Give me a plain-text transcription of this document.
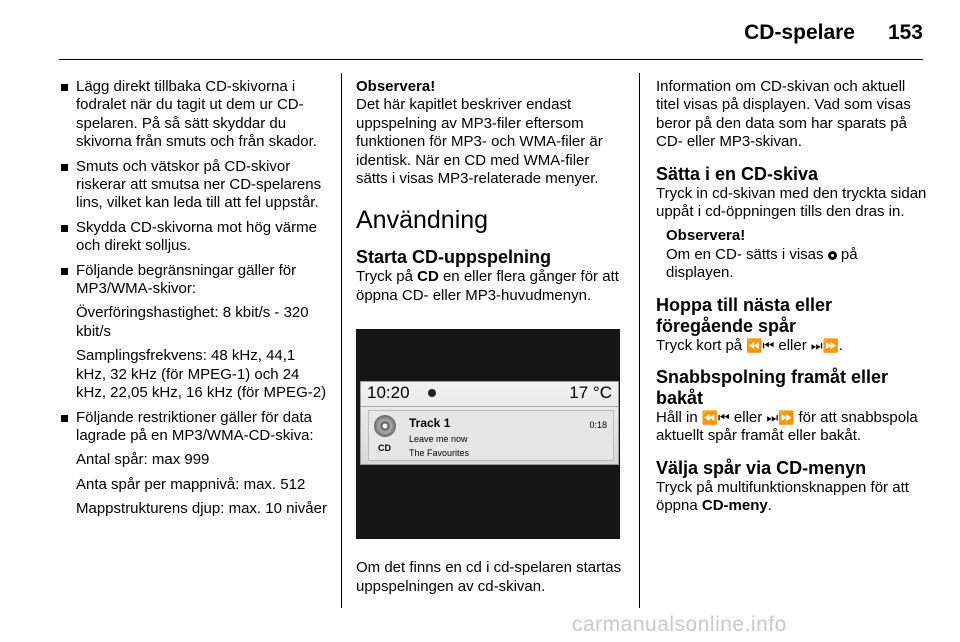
CD-spelare 153
Lägg direkt tillbaka CD-skivorna i fodralet när du tagit ut dem ur CD-spelaren. På så sätt skyddar du skivorna från smuts och från skador.
Smuts och vätskor på CD-skivor riskerar att smutsa ner CD-spelarens lins, vilket kan leda till att fel uppstår.
Skydda CD-skivorna mot hög värme och direkt solljus.
Följande begränsningar gäller för MP3/WMA-skivor:

Överföringshastighet: 8 kbit/s - 320 kbit/s

Samplingsfrekvens: 48 kHz, 44,1 kHz, 32 kHz (för MPEG-1) och 24 kHz, 22,05 kHz, 16 kHz (för MPEG-2)

Följande restriktioner gäller för data lagrade på en MP3/WMA-CD-skiva:

Antal spår: max 999

Anta spår per mappnivå: max. 512

Mappstrukturens djup: max. 10 nivåer

Observera!

Det här kapitlet beskriver endast uppspelning av MP3-filer eftersom funktionen för MP3- och WMA-filer är identisk. När en CD med WMA-filer sätts i visas MP3-relaterade menyer.

Användning
Starta CD-uppspelning

Tryck på CD en eller flera gånger för att öppna CD- eller MP3-huvudmenyn.

10:20	17 °C
CD
Track 1	0:18
Leave me now
The Favourites

Om det finns en cd i cd-spelaren startas uppspelningen av cd-skivan.

Information om CD-skivan och aktuell titel visas på displayen. Vad som visas beror på den data som har sparats på CD- eller MP3-skivan.

Sätta i en CD-skiva

Tryck in cd-skivan med den tryckta sidan uppåt i cd-öppningen tills den dras in.

Observera!

Om en CD- sätts i visas  på displayen.

Hoppa till nästa eller föregående spår

Tryck kort på ⏪⏮ eller ⏭⏩.

Snabbspolning framåt eller bakåt

Håll in ⏪⏮ eller ⏭⏩ för att snabbspola aktuellt spår framåt eller bakåt.

Välja spår via CD-menyn

Tryck på multifunktionsknappen för att öppna CD-meny.

carmanualsonline.info
